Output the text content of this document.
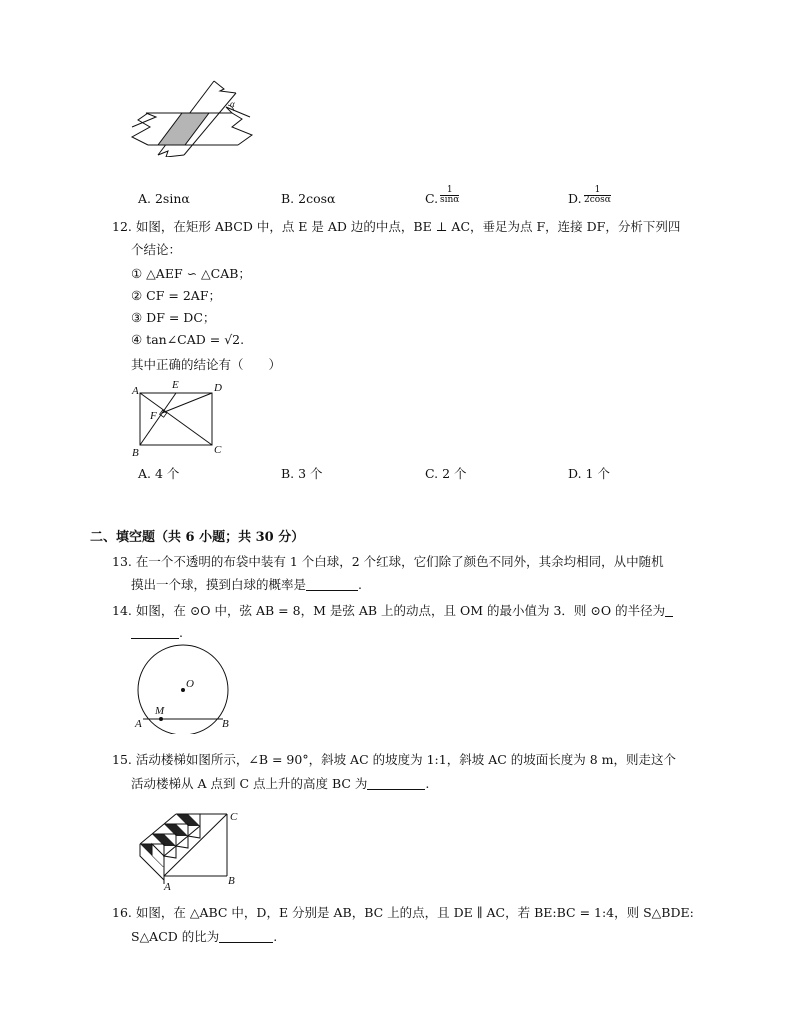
α
A. 2sinα	B. 2cosα	C. $\frac{1}{\sin\alpha}$	D. $\frac{1}{2\cos\alpha}$
12. 如图，在矩形 ABCD 中，点 E 是 AD 边的中点，BE ⊥ AC，垂足为点 F，连接 DF，分析下列四
个结论：
① △AEF ∽ △CAB；
② CF = 2AF；
③ DF = DC；
④ tan∠CAD = √2.
其中正确的结论有（　　）
A	E	D
F
B	C
A. 4 个	B. 3 个	C. 2 个	D. 1 个
二、填空题（共 6 小题；共 30 分）
13. 在一个不透明的布袋中装有 1 个白球，2 个红球，它们除了颜色不同外，其余均相同，从中随机
摸出一个球，摸到白球的概率是	.
14. 如图，在 ⊙O 中，弦 AB = 8，M 是弦 AB 上的动点，且 OM 的最小值为 3．则 ⊙O 的半径为
.
O
M
A	B
15. 活动楼梯如图所示，∠B = 90°，斜坡 AC 的坡度为 1:1，斜坡 AC 的坡面长度为 8 m，则走这个
活动楼梯从 A 点到 C 点上升的高度 BC 为	.
C
A	B
16. 如图，在 △ABC 中，D，E 分别是 AB，BC 上的点，且 DE ∥ AC，若 BE:BC = 1:4，则 S△BDE:
S△ACD 的比为	.
